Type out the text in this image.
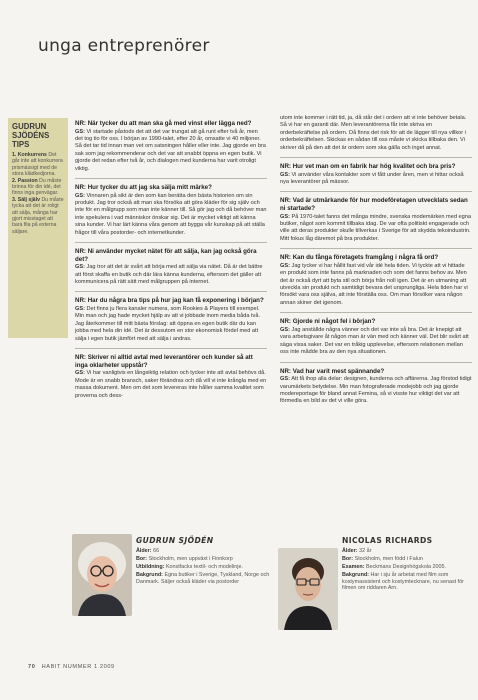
unga entreprenörer
GUDRUN
SJÖDÉNS
TIPS

1. Konkurrens Det går inte att konkurrera prismässigt med de stora klädkedjorna.

2. Passion Du måste brinna för din idé, det finns inga genvägar.

3. Sälj själv Du måste tycka att det är roligt att sälja, många har gjort misstaget att bara fila på externa säljare.

NR: När tycker du att man ska gå med vinst eller lägga ned?
GS: Vi startade påstods det att det var trungat att gå runt efter två år, men det tog tio för oss. I början av 1990-talet, efter 20 år, omsatte vi 40 miljoner. Så det tar tid innan man vet om satsningen håller eller inte. Jag gjorde en bra sak som jag rekommenderar och det var att snabbt öppna en egen butik. Vi gjorde det redan efter två år, och dialogen med kunderna har varit otroligt viktig.
NR: Hur tycker du att jag ska sälja mitt märke?
GS: Vinnaren på sikt är den som kan berätta den bästa historien om sin produkt. Jag tror också att man ska försöka att göra kläder för sig själv och inte för en målgrupp som man inte känner till. Så gör jag och då behöver man inte spekulera i vad människor önskar sig. Det är mycket viktigt att känna sina kunder. Vi har lärt känna våra genom att bygga vår kunskap på att ställa frågor till våra postorder- och internetkunder.
NR: Ni använder mycket nätet för att sälja, kan jag också göra det?
GS: Jag tror att det är svårt att börja med att sälja via nätet. Då är det bättre att först skaffa en butik och där lära känna kunderna, eftersom det gäller att kommunicera på rätt sätt med målgruppen på internet.
NR: Har du några bra tips på hur jag kan få exponering i början?
GS: Det finns ju flera kanaler numera, som Rookies & Players till exempel. Min man och jag hade mycket hjälp av att vi jobbade inom media båda två. Jag återkommer till mitt bästa förslag: att öppna en egen butik där du kan jobba med hela din idé. Det är dessutom en stor ekonomisk fördel med att sälja i egen butik jämfört med att sälja i andras.
NR: Skriver ni alltid avtal med leverantörer och kunder så att inga oklarheter uppstår?
GS: Vi har vanligtvis en långsiktig relation och tycker inte att avtal behövs då. Mode är en snabb bransch, saker förändras och då vill vi inte krångla med en massa dokument. Men om det som levereras inte håller samma kvalitet som proverna och dess-
utom inte kommer i rätt tid, ja, då står det i ordern att vi inte behöver betala. Så vi har en garanti där. Men leverantörerna får inte skriva en orderbekräftelse på ordern. Då finns det risk för att de lägger till nya villkor i orderbekräftelsen. Skickas en sådan till oss måste vi skicka tillbaka den. Vi skriver då på den att det är ordern som ska gälla och inget annat.
NR: Hur vet man om en fabrik har hög kvalitet och bra pris?
GS: Vi använder våra kontakter som vi fått under åren, men vi hittar också nya leverantörer på mässor.
NR: Vad är utmärkande för hur modeföretagen utvecklats sedan ni startade?
GS: På 1970-talet fanns det många mindre, svenska modemärken med egna butiker, något som kommit tillbaka idag. De var ofta politiskt engagerade och ville att deras produkter skulle tillverkas i Sverige för att skydda tekoindustrin. Mitt fokus låg däremot på bra produkter.
NR: Kan du fånga företagets framgång i några få ord?
GS: Jag tycker vi har hållit fast vid vår idé hela tiden. Vi tyckte att vi hittade en produkt som inte fanns på marknaden och som det fanns behov av. Men det är också dyrt att byta stil och börja från noll igen. Det är en utmaning att utveckla sin produkt och samtidigt bevara det ursprungliga. Hela tiden har vi försökt vara oss själva, att inte förställa oss. Om man försöker vara någon annan skiner det igenom.
NR: Gjorde ni något fel i början?
GS: Jag anställde några vänner och det var inte så bra. Det är knepigt att vara arbetsgivare åt någon man är vän med och känner väl. Det blir svårt att säga vissa saker. Det var en tråkig upplevelse, eftersom relationen mellan oss inte mådde bra av den nya situationen.
NR: Vad har varit mest spännande?
GS: Att få ihop alla delar: designen, kunderna och affärerna. Jag förstod tidigt varumärkets betydelse. Min man fotograferade modejobb och jag gjorde modereportage för bland annat Femina, så vi visste hur viktigt det var att förmedla en bild av det vi ville göra.
GUDRUN SJÖDÉN
Ålder: 66
Bor: Stockholm, men uppväxt i Finnkorp
Utbildning: Konstfacks textil- och modelinje.
Bakgrund: Egna butiker i Sverige, Tyskland, Norge och Danmark. Säljer också kläder via postorder
NICOLAS RICHARDS
Ålder: 32 år
Bor: Stockholm, men född i Falun
Examen: Beckmans Designhögskola 2005.
Bakgrund: Har i sju år arbetat med film som kostymassistent och kostymtecknare, nu senast för filmen om riddaren Arn.
70 HABIT NUMMER 1 2009
